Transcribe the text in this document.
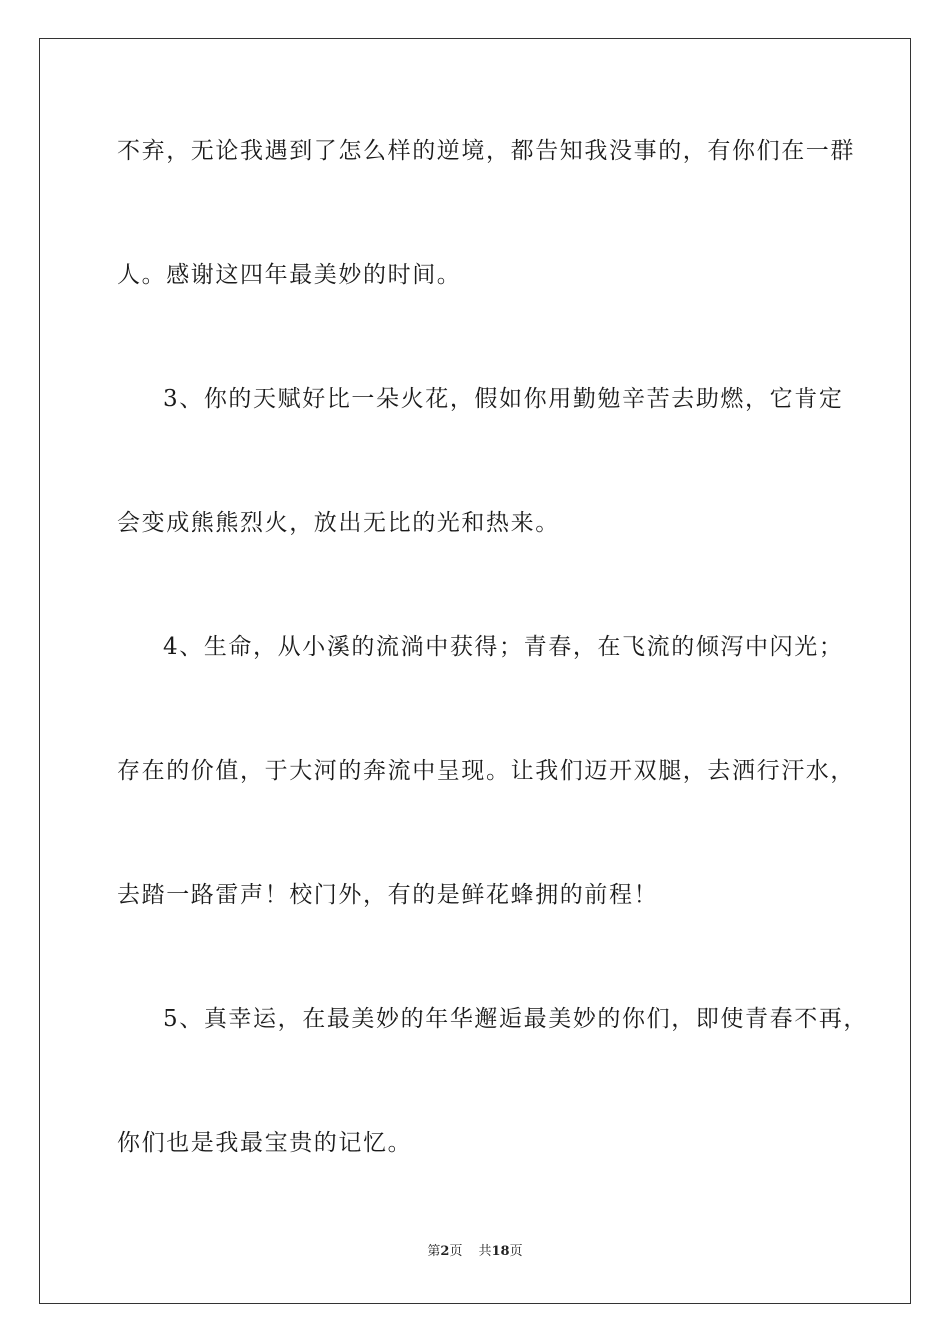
不弃，无论我遇到了怎么样的逆境，都告知我没事的，有你们在一群
人。感谢这四年最美妙的时间。
3、你的天赋好比一朵火花，假如你用勤勉辛苦去助燃，它肯定
会变成熊熊烈火，放出无比的光和热来。
4、生命，从小溪的流淌中获得；青春，在飞流的倾泻中闪光；
存在的价值，于大河的奔流中呈现。让我们迈开双腿，去洒行汗水，
去踏一路雷声！校门外，有的是鲜花蜂拥的前程！
5、真幸运，在最美妙的年华邂逅最美妙的你们，即使青春不再，
你们也是我最宝贵的记忆。
第2页 共18页
